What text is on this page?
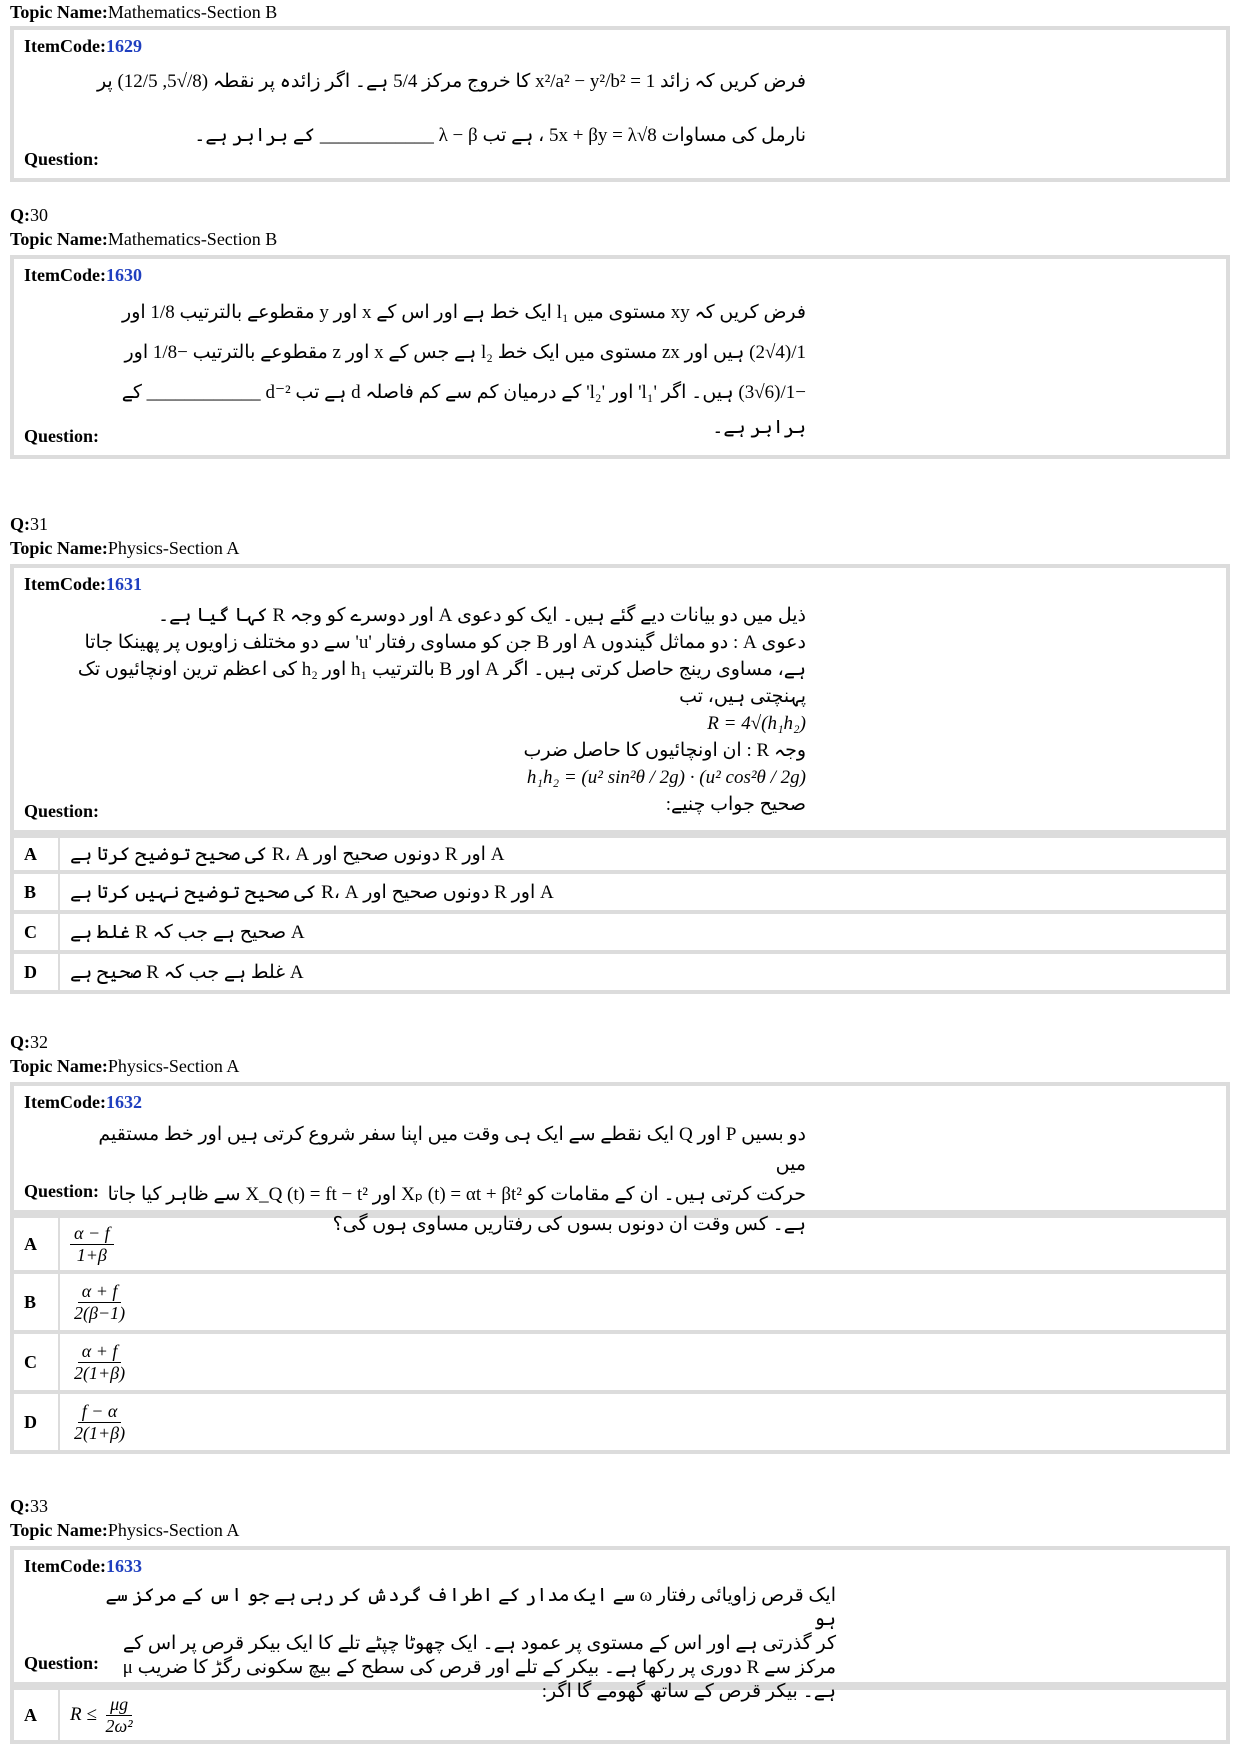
Topic Name:Mathematics-Section B
ItemCode:1629
فرض کریں کہ زائد x²/a² − y²/b² = 1 کا خروج مرکز 5/4 ہے۔ اگر زائدہ پر نقطہ (8/√5, 12/5) پر
نارمل کی مساوات 8√5x + βy = λ ، ہے تب λ − β ____________ کے برابر ہے۔
Question:
Q:30
Topic Name:Mathematics-Section B
ItemCode:1630
فرض کریں کہ xy مستوی میں l₁ ایک خط ہے اور اس کے x اور y مقطوعے بالترتیب 1/8 اور
1/(4√2) ہیں اور zx مستوی میں ایک خط l₂ ہے جس کے x اور z مقطوعے بالترتیب −1/8 اور
−1/(6√3) ہیں۔ اگر 'l₁' اور 'l₂' کے درمیان کم سے کم فاصلہ d ہے تب d⁻² ____________ کے
برابر ہے۔
Question:
Q:31
Topic Name:Physics-Section A
ItemCode:1631
ذیل میں دو بیانات دیے گئے ہیں۔ ایک کو دعوی A اور دوسرے کو وجہ R کہا گیا ہے۔
دعوی A : دو مماثل گیندوں A اور B جن کو مساوی رفتار 'u' سے دو مختلف زاویوں پر پھینکا جاتا
ہے، مساوی رینج حاصل کرتی ہیں۔ اگر A اور B بالترتیب h₁ اور h₂ کی اعظم ترین اونچائیوں تک
پہنچتی ہیں، تب
R = 4√(h₁h₂)
وجہ R : ان اونچائیوں کا حاصل ضرب
h₁h₂ = (u² sin²θ / 2g) · (u² cos²θ / 2g)
صحیح جواب چنیے:
Question:
A	A اور R دونوں صحیح اور R، A کی صحیح توضیح کرتا ہے
B	A اور R دونوں صحیح اور R، A کی صحیح توضیح نہیں کرتا ہے
C	A صحیح ہے جب کہ R غلط ہے
D	A غلط ہے جب کہ R صحیح ہے
Q:32
Topic Name:Physics-Section A
ItemCode:1632
دو بسیں P اور Q ایک نقطے سے ایک ہی وقت میں اپنا سفر شروع کرتی ہیں اور خط مستقیم میں
حرکت کرتی ہیں۔ ان کے مقامات کو Xₚ (t) = αt + βt² اور X_Q (t) = ft − t² سے ظاہر کیا جاتا
ہے۔ کس وقت ان دونوں بسوں کی رفتاریں مساوی ہوں گی؟
Question:
A	$\frac{\alpha - f}{1+\beta}$
B	$\frac{\alpha + f}{2(\beta-1)}$
C	$\frac{\alpha + f}{2(1+\beta)}$
D	$\frac{f - \alpha}{2(1+\beta)}$
Q:33
Topic Name:Physics-Section A
ItemCode:1633
ایک قرص زاویائی رفتار ω سے ایک مدار کے اطراف گردش کر رہی ہے جو اس کے مرکز سے ہو
کر گذرتی ہے اور اس کے مستوی پر عمود ہے۔ ایک چھوٹا چپٹے تلے کا ایک بیکر قرص پر اس کے
مرکز سے R دوری پر رکھا ہے۔ بیکر کے تلے اور قرص کی سطح کے بیچ سکونی رگڑ کا ضریب μ
ہے۔ بیکر قرص کے ساتھ گھومے گا اگر:
Question:
A	$R \le \frac{\mu g}{\text{2ω²}}$
